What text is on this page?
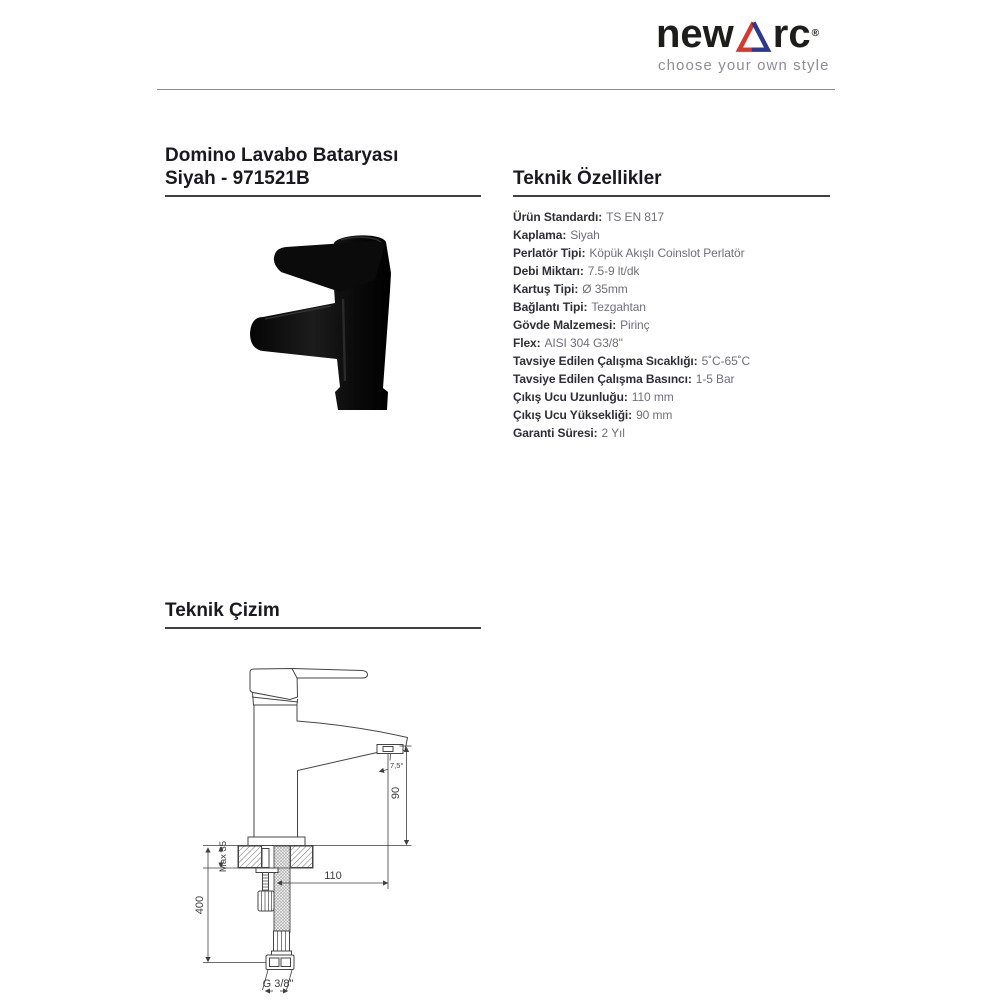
new rc ®
choose your own style
Domino Lavabo Bataryası
Siyah - 971521B	Teknik Özellikler
Ürün Standardı: TS EN 817
Kaplama: Siyah
Perlatör Tipi: Köpük Akışlı Coinslot Perlatör
Debi Miktarı: 7.5-9 lt/dk
Kartuş Tipi: Ø 35mm
Bağlantı Tipi: Tezgahtan
Gövde Malzemesi: Pirinç
Flex: AISI 304 G3/8"
Tavsiye Edilen Çalışma Sıcaklığı: 5˚C-65˚C
Tavsiye Edilen Çalışma Basıncı: 1-5 Bar
Çıkış Ucu Uzunluğu: 110 mm
Çıkış Ucu Yüksekliği: 90 mm
Garanti Süresi: 2 Yıl
Teknik Çizim
7,5°
90
110
Max 35
400
G 3/8"
